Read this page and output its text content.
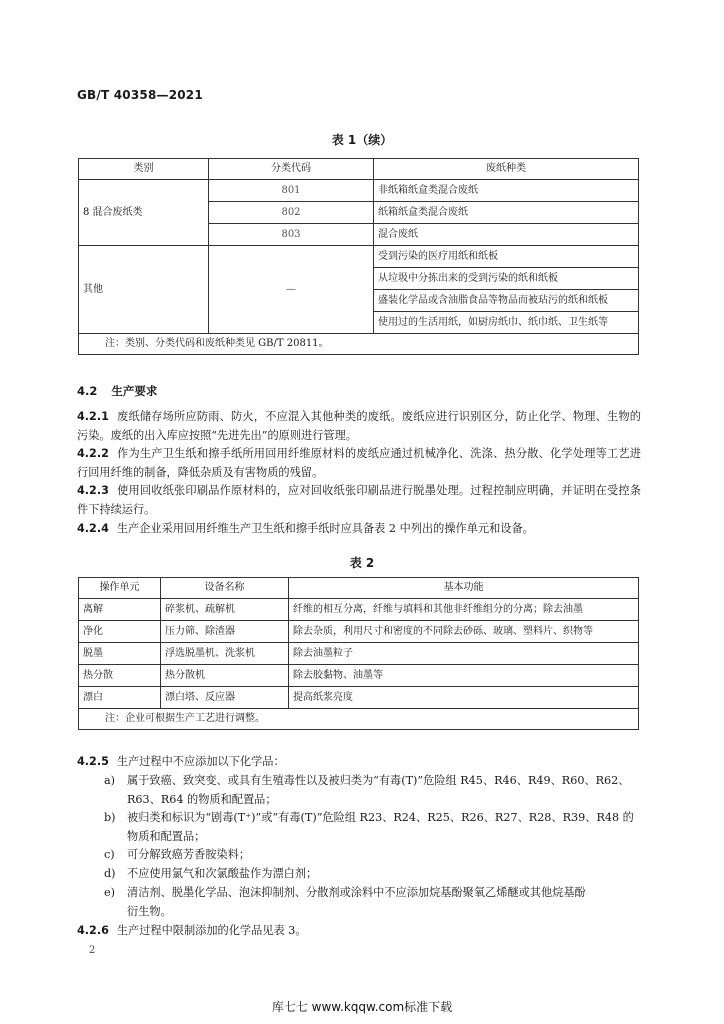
GB/T 40358—2021
表 1（续）
类别	分类代码	废纸种类
8 混合废纸类	801	非纸箱纸盒类混合废纸
	802	纸箱纸盒类混合废纸
	803	混合废纸
其他	—	受到污染的医疗用纸和纸板
		从垃圾中分拣出来的受到污染的纸和纸板
		盛装化学品或含油脂食品等物品而被玷污的纸和纸板
		使用过的生活用纸，如厨房纸巾、纸巾纸、卫生纸等
注：类别、分类代码和废纸种类见 GB/T 20811。		
4.2 生产要求
4.2.1 废纸储存场所应防雨、防火，不应混入其他种类的废纸。废纸应进行识别区分，防止化学、物理、生物的污染。废纸的出入库应按照“先进先出”的原则进行管理。
4.2.2 作为生产卫生纸和擦手纸所用回用纤维原材料的废纸应通过机械净化、洗涤、热分散、化学处理等工艺进行回用纤维的制备，降低杂质及有害物质的残留。
4.2.3 使用回收纸张印刷品作原材料的，应对回收纸张印刷品进行脱墨处理。过程控制应明确，并证明在受控条件下持续运行。
4.2.4 生产企业采用回用纤维生产卫生纸和擦手纸时应具备表 2 中列出的操作单元和设备。
表 2
操作单元	设备名称	基本功能
离解	碎浆机、疏解机	纤维的相互分离，纤维与填料和其他非纤维组分的分离；除去油墨
净化	压力筛、除渣器	除去杂质，利用尺寸和密度的不同除去砂砾、玻璃、塑料片、织物等
脱墨	浮选脱墨机、洗浆机	除去油墨粒子
热分散	热分散机	除去胶黏物、油墨等
漂白	漂白塔、反应器	提高纸浆亮度
注：企业可根据生产工艺进行调整。		
4.2.5 生产过程中不应添加以下化学品：
a)	属于致癌、致突变、或具有生殖毒性以及被归类为“有毒(T)”危险组 R45、R46、R49、R60、R62、
R63、R64 的物质和配置品；
b)	被归类和标识为“剧毒(T⁺)”或“有毒(T)”危险组 R23、R24、R25、R26、R27、R28、R39、R48 的
物质和配置品；
c)	可分解致癌芳香胺染料；
d)	不应使用氯气和次氯酸盐作为漂白剂；
e)	清洁剂、脱墨化学品、泡沫抑制剂、分散剂或涂料中不应添加烷基酚聚氧乙烯醚或其他烷基酚
衍生物。
4.2.6 生产过程中限制添加的化学品见表 3。
2
库七七 www.kqqw.com标准下载
